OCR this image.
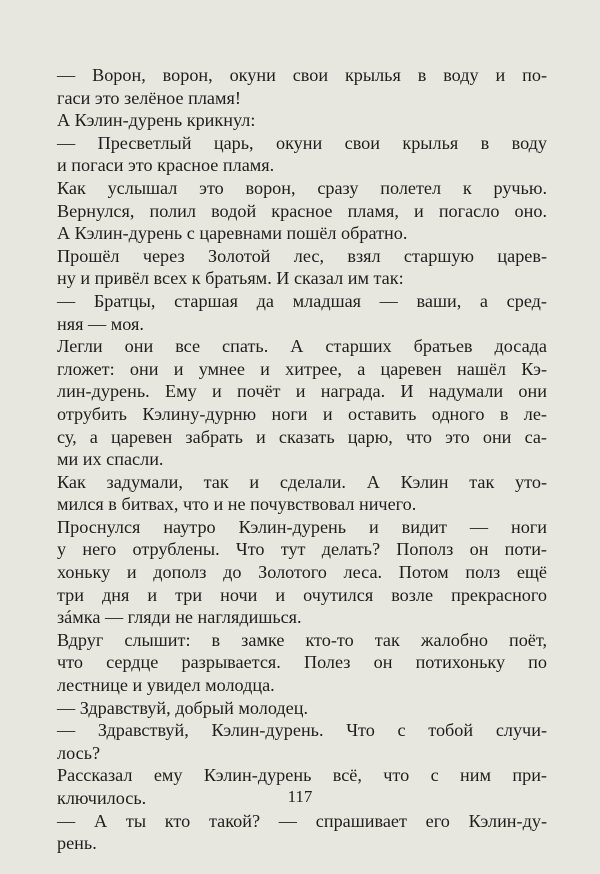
— Ворон, ворон, окуни свои крылья в воду и по-
гаси это зелёное пламя!
А Кэлин-дурень крикнул:
— Пресветлый царь, окуни свои крылья в воду
и погаси это красное пламя.
Как услышал это ворон, сразу полетел к ручью.
Вернулся, полил водой красное пламя, и погасло оно.
А Кэлин-дурень с царевнами пошёл обратно.
Прошёл через Золотой лес, взял старшую царев-
ну и привёл всех к братьям. И сказал им так:
— Братцы, старшая да младшая — ваши, а сред-
няя — моя.
Легли они все спать. А старших братьев досада
гложет: они и умнее и хитрее, а царевен нашёл Кэ-
лин-дурень. Ему и почёт и награда. И надумали они
отрубить Кэлину-дурню ноги и оставить одного в ле-
су, а царевен забрать и сказать царю, что это они са-
ми их спасли.
Как задумали, так и сделали. А Кэлин так уто-
мился в битвах, что и не почувствовал ничего.
Проснулся наутро Кэлин-дурень и видит — ноги
у него отрублены. Что тут делать? Пополз он поти-
хоньку и дополз до Золотого леса. Потом полз ещё
три дня и три ночи и очутился возле прекрасного
зáмка — гляди не наглядишься.
Вдруг слышит: в замке кто-то так жалобно поёт,
что сердце разрывается. Полез он потихоньку по
лестнице и увидел молодца.
— Здравствуй, добрый молодец.
— Здравствуй, Кэлин-дурень. Что с тобой случи-
лось?
Рассказал ему Кэлин-дурень всё, что с ним при-
ключилось.
— А ты кто такой? — спрашивает его Кэлин-ду-
рень.
117
